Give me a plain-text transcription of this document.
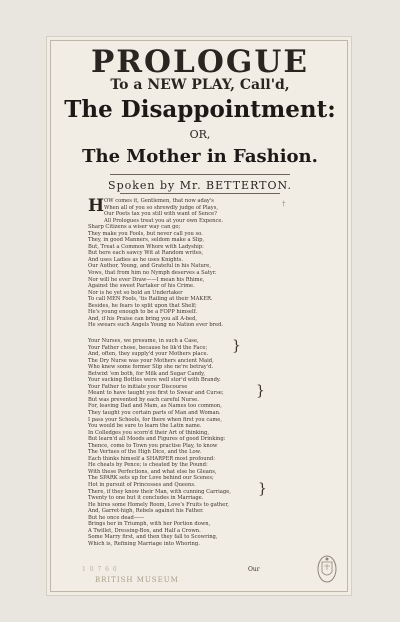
PROLOGUE
To a NEW PLAY, Call'd,
The Disappointment:
OR,
The Mother in Fashion.
Spoken by Mr. BETTERTON.
H	†
OW comes it, Gentlemen, that now aday's
When all of you so shrewdly judge of Plays,
Our Poets tax you still with want of Sence?
All Prologues treat you at your own Expence.
Sharp Citizens a wiser way can go;
They make you Fools, but never call you so.
They, in good Manners, seldom make a Slip,
But, Treat a Common Whore with Ladyship:
But here each sawcy Wit at Random writes,
And uses Ladies as he uses Knights.
Our Author, Young, and Grateful in his Nature,
Vows, that from him no Nymph deserves a Satyr.
Nor will he ever Draw——I mean his Rhime,
Against the sweet Partaker of his Crime.
Nor is he yet so bold an Undertaker
To call MEN Fools, 'tis Railing at their MAKER.
Besides, he fears to split upon that Shelf;
He's young enough to be a FOPP himself.
And, if his Praise can bring you all A-bed,
He swears such Angels Young no Nation ever bred.
Your Nurses, we presume, in such a Case,
Your Father chose, because he lik'd the Face;
And, often, they supply'd your Mothers place.
The Dry Nurse was your Mothers ancient Maid,
Who knew some former Slip she ne're betray'd.
Betwixt 'em both, for Milk and Sugar Candy,
Your sucking Bottles were well stor'd with Brandy.
Your Father to initiate your Discourse
Meant to have taught you first to Swear and Curse;
But was prevented by each careful Nurse.
For, leaving Dad and Mam, as Names too common,
They taught you certain parts of Man and Woman.
I pass your Schools, for there when first you came,
You would be sure to learn the Latin name.
In Colledges you scorn'd their Art of thinking,
But learn'd all Moods and Figures of good Drinking:
Thence, come to Town you practise Play, to know
The Vertues of the High Dice, and the Low.
Each thinks himself a SHARPER most profound:
He cheats by Pence; is cheated by the Pound:
With these Perfections, and what else he Gleans,
The SPARK sets up for Love behind our Scenes;
Hot in pursuit of Princesses and Queens.
There, if they know their Man, with cunning Carriage,
Twenty to one but it concludes in Marriage.
He hires some Homely Room, Love's Fruits to gather,
And, Garret-high, Rebels against his Father.
But he once dead——
Brings her in Triumph, with her Portion down,
A Twillet, Dressing-Box, and Half a Crown.
Some Marry first, and then they fall to Scowring,
Which is, Refining Marriage into Whoring.
}
}
}
1 0 7 6 0
BRITISH MUSEUM
Our
